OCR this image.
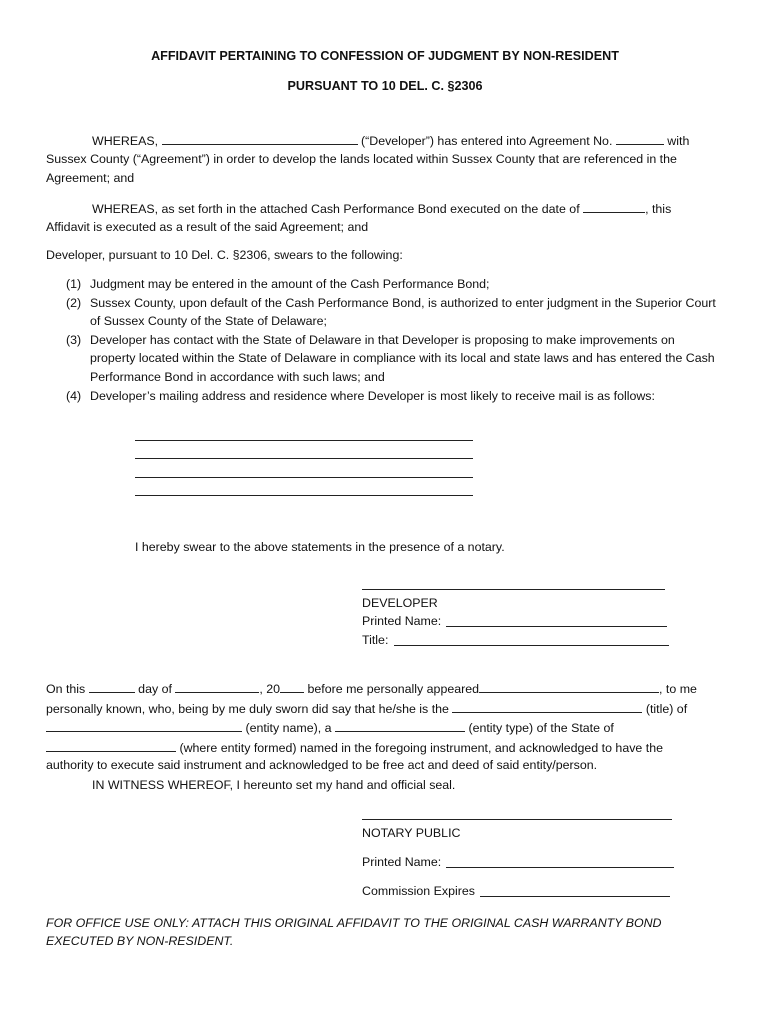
AFFIDAVIT PERTAINING TO CONFESSION OF JUDGMENT BY NON-RESIDENT
PURSUANT TO 10 DEL. C. §2306
WHEREAS,	(“Developer”) has entered into Agreement No.	with Sussex County (“Agreement”) in order to develop the lands located within Sussex County that are referenced in the Agreement; and
WHEREAS, as set forth in the attached Cash Performance Bond executed on the date of	, this Affidavit is executed as a result of the said Agreement; and
Developer, pursuant to 10 Del. C. §2306, swears to the following:
(1) Judgment may be entered in the amount of the Cash Performance Bond;
(2) Sussex County, upon default of the Cash Performance Bond, is authorized to enter judgment in the Superior Court of Sussex County of the State of Delaware;
(3) Developer has contact with the State of Delaware in that Developer is proposing to make improvements on property located within the State of Delaware in compliance with its local and state laws and has entered the Cash Performance Bond in accordance with such laws; and
(4) Developer’s mailing address and residence where Developer is most likely to receive mail is as follows:
I hereby swear to the above statements in the presence of a notary.
DEVELOPER
Printed Name:
Title:
On this	day of	, 20 before me personally appeared	, to me
personally known, who, being by me duly sworn did say that he/she is the	(title) of
(entity name), a	(entity type) of the State of
(where entity formed) named in the foregoing instrument, and acknowledged to have the
authority to execute said instrument and acknowledged to be free act and deed of said entity/person.
IN WITNESS WHEREOF, I hereunto set my hand and official seal.
NOTARY PUBLIC
Printed Name:
Commission Expires
FOR OFFICE USE ONLY: ATTACH THIS ORIGINAL AFFIDAVIT TO THE ORIGINAL CASH WARRANTY BOND EXECUTED BY NON-RESIDENT.
